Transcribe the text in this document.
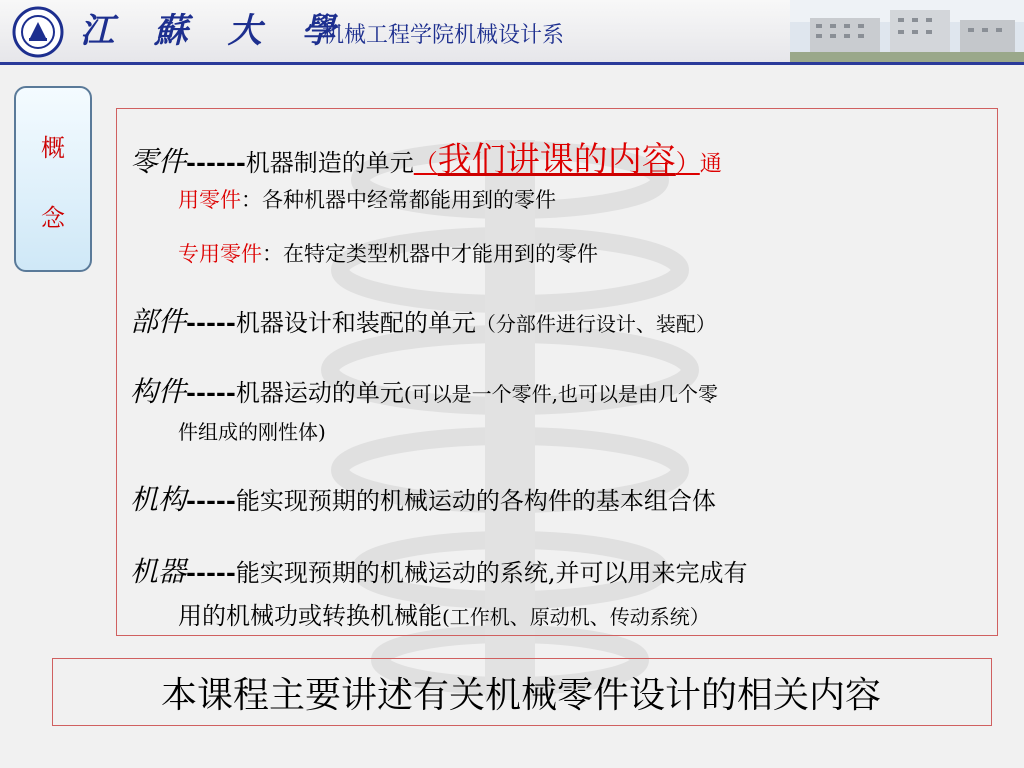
江 蘇 大 學
机械工程学院机械设计系
概
念
零件------机器制造的单元（我们讲课的内容）通
用零件：各种机器中经常都能用到的零件
专用零件：在特定类型机器中才能用到的零件
部件-----机器设计和装配的单元（分部件进行设计、装配）
构件-----机器运动的单元(可以是一个零件,也可以是由几个零
件组成的刚性体)
机构-----能实现预期的机械运动的各构件的基本组合体
机器-----能实现预期的机械运动的系统,并可以用来完成有
用的机械功或转换机械能(工作机、原动机、传动系统）
本课程主要讲述有关机械零件设计的相关内容
